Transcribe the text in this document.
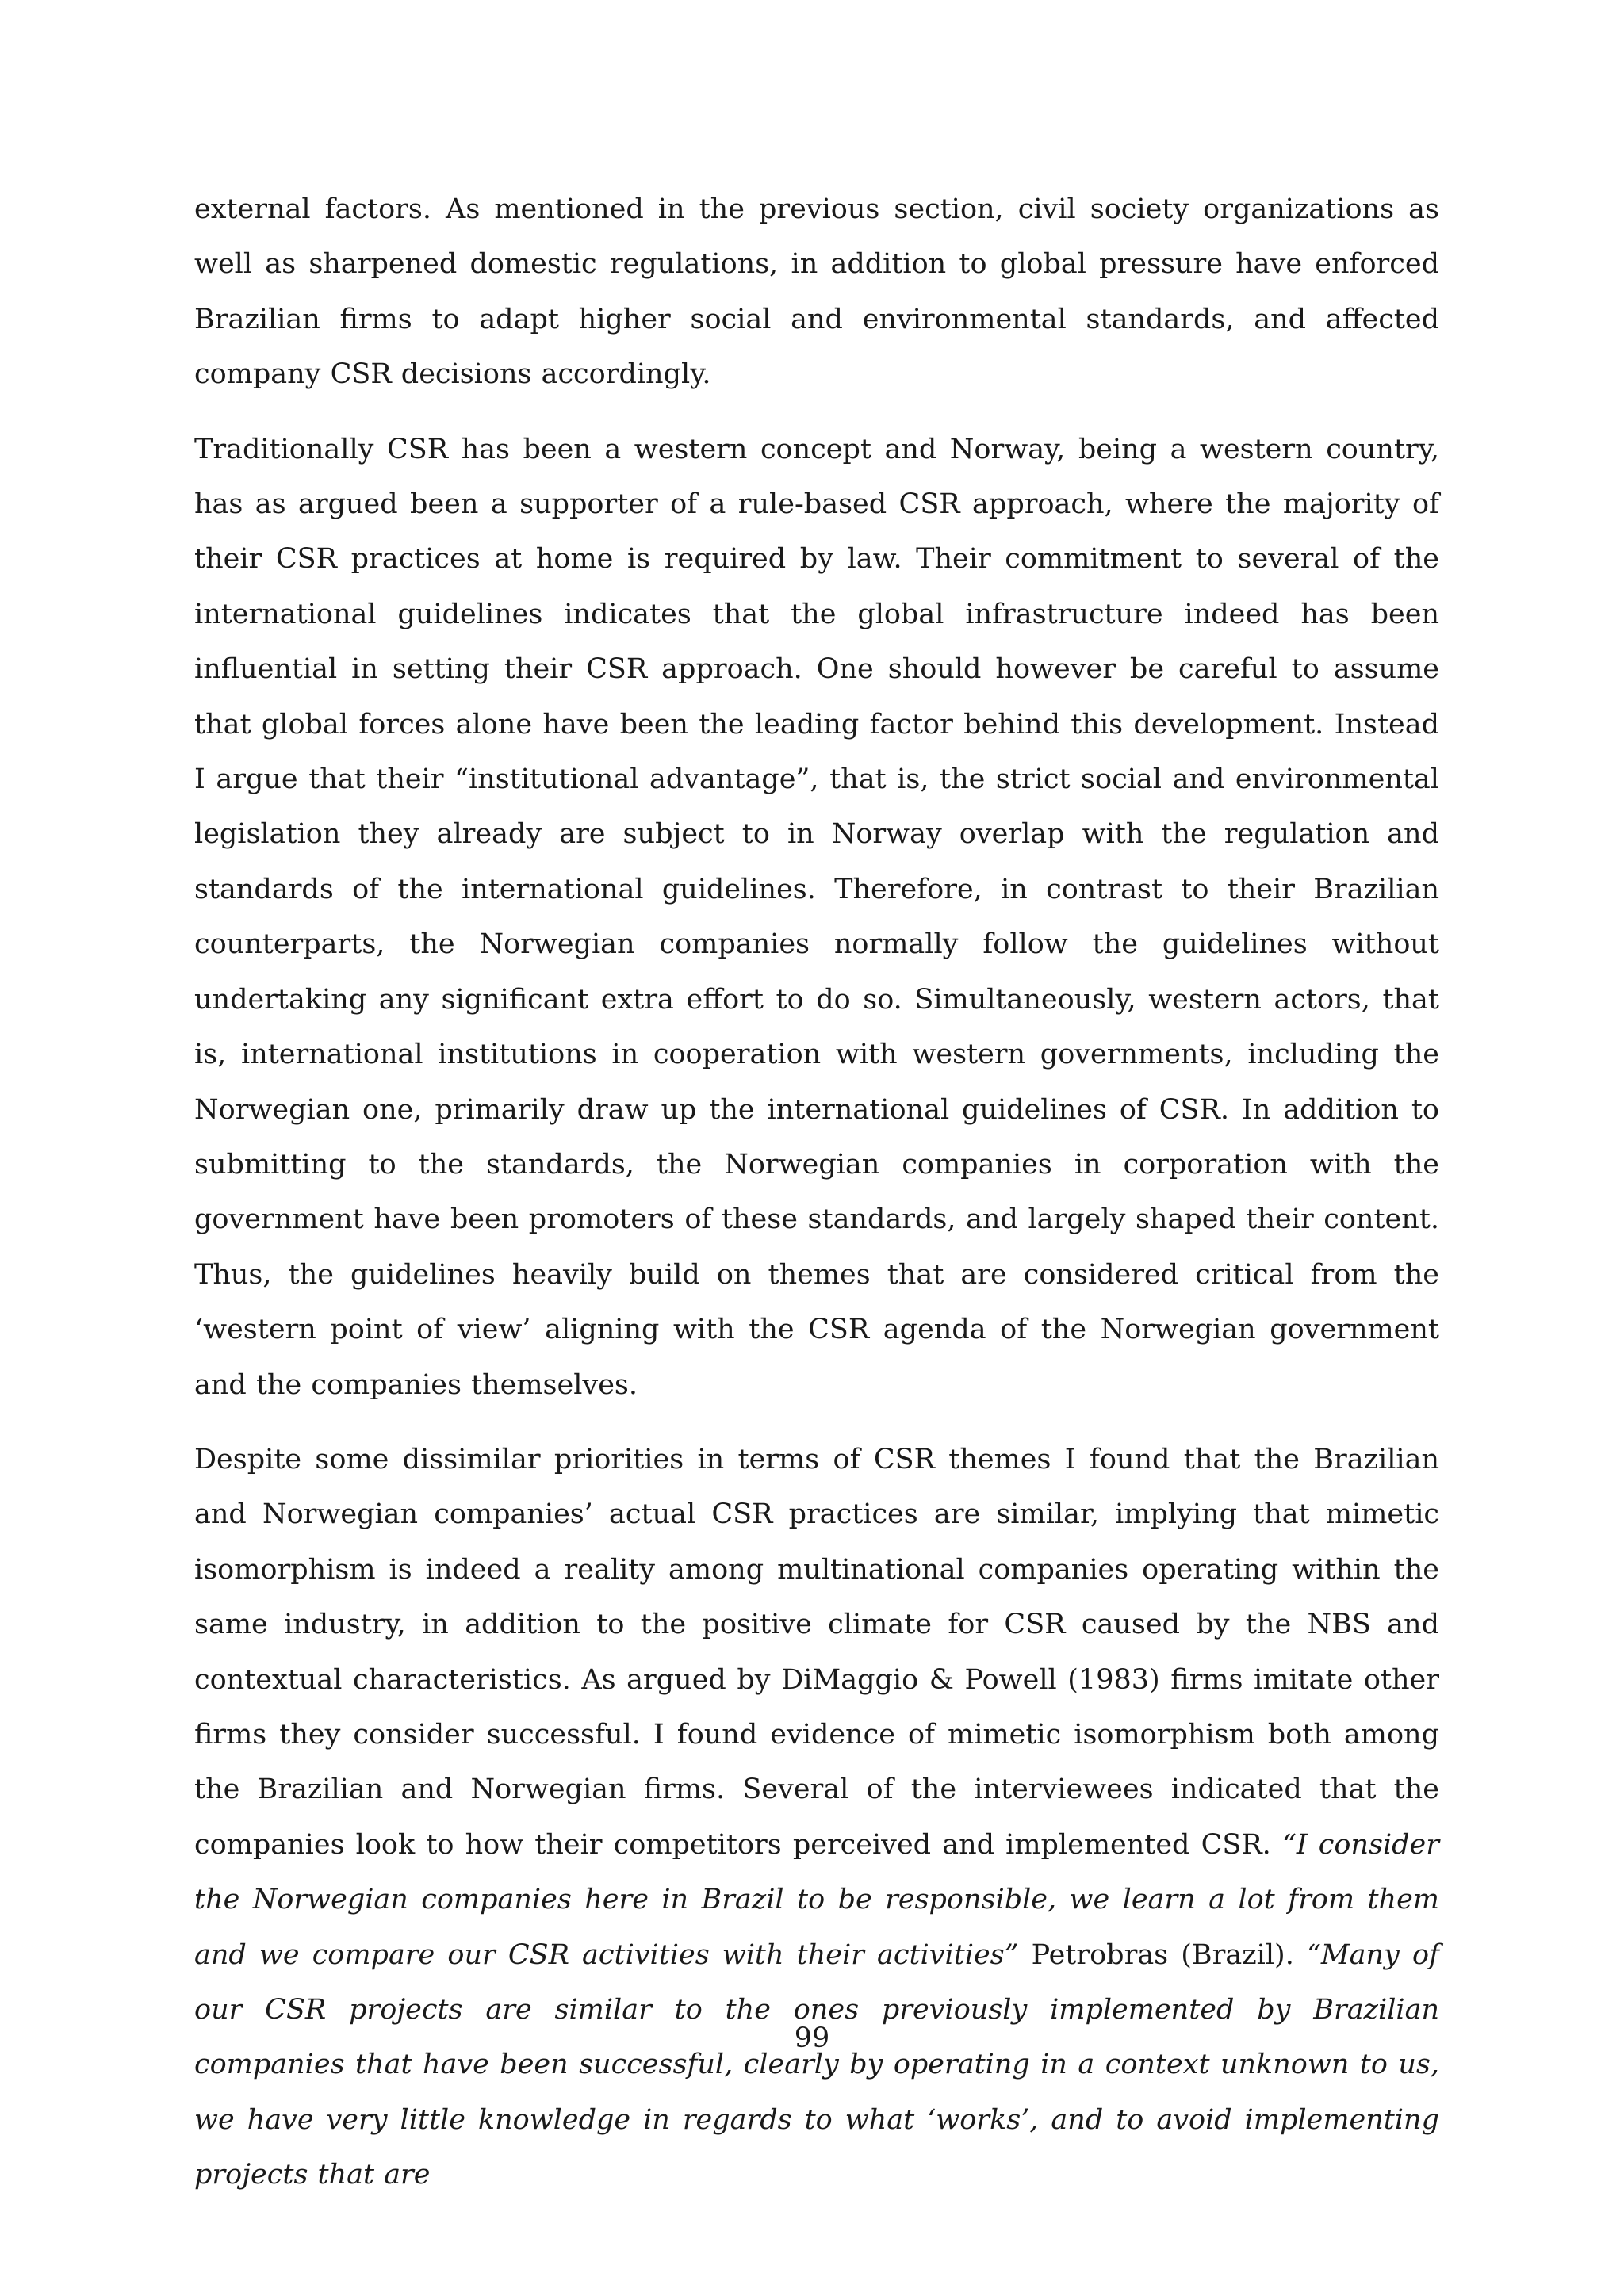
external factors. As mentioned in the previous section, civil society organizations as well as sharpened domestic regulations, in addition to global pressure have enforced Brazilian firms to adapt higher social and environmental standards, and affected company CSR decisions accordingly.

Traditionally CSR has been a western concept and Norway, being a western country, has as argued been a supporter of a rule-based CSR approach, where the majority of their CSR practices at home is required by law. Their commitment to several of the international guidelines indicates that the global infrastructure indeed has been influential in setting their CSR approach. One should however be careful to assume that global forces alone have been the leading factor behind this development. Instead I argue that their “institutional advantage”, that is, the strict social and environmental legislation they already are subject to in Norway overlap with the regulation and standards of the international guidelines. Therefore, in contrast to their Brazilian counterparts, the Norwegian companies normally follow the guidelines without undertaking any significant extra effort to do so. Simultaneously, western actors, that is, international institutions in cooperation with western governments, including the Norwegian one, primarily draw up the international guidelines of CSR. In addition to submitting to the standards, the Norwegian companies in corporation with the government have been promoters of these standards, and largely shaped their content. Thus, the guidelines heavily build on themes that are considered critical from the ‘western point of view’ aligning with the CSR agenda of the Norwegian government and the companies themselves.

Despite some dissimilar priorities in terms of CSR themes I found that the Brazilian and Norwegian companies’ actual CSR practices are similar, implying that mimetic isomorphism is indeed a reality among multinational companies operating within the same industry, in addition to the positive climate for CSR caused by the NBS and contextual characteristics. As argued by DiMaggio & Powell (1983) firms imitate other firms they consider successful. I found evidence of mimetic isomorphism both among the Brazilian and Norwegian firms. Several of the interviewees indicated that the companies look to how their competitors perceived and implemented CSR. “I consider the Norwegian companies here in Brazil to be responsible, we learn a lot from them and we compare our CSR activities with their activities” Petrobras (Brazil). “Many of our CSR projects are similar to the ones previously implemented by Brazilian companies that have been successful, clearly by operating in a context unknown to us, we have very little knowledge in regards to what ‘works’, and to avoid implementing projects that are

99
